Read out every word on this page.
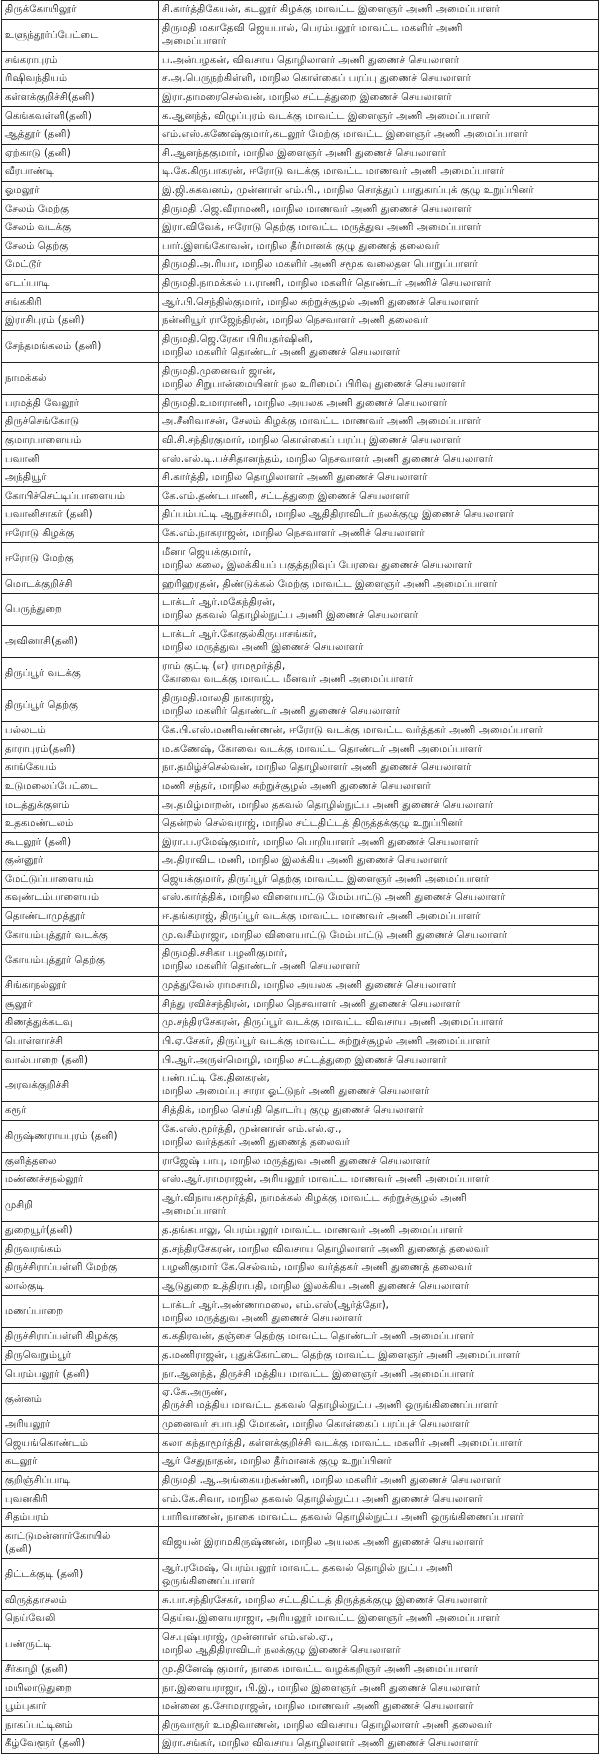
திருக்கோயிலூர்	சி.கார்த்திகேயன், கடலூர் கிழக்கு மாவட்ட இளைஞர் அணி அமைப்பாளர்
உளுந்தூர்ப்பேட்டை	திருமதி மகாதேவி ஜெயபால், பெரம்பலூர் மாவட்ட மகளிர் அணி
அமைப்பாளர்
சங்கராபுரம்	ப.அன்பழகன், விவசாய தொழிலாளர் அணி துணைச் செயலாளர்
ரிஷிவந்தியம்	ச.அ.பெருநற்கிள்ளி, மாநில கொள்கைப் பரப்பு துணைச் செயலாளர்
கள்ளக்குறிச்சி(தனி)	இரா.தாமரைசெல்வன், மாநில சட்டத்துறை இணைச் செயலாளர்
கெங்கவள்ளி(தனி)	க.ஆனந்த், விழுப்புரம் வடக்கு மாவட்ட இளைஞர் அணி அமைப்பாளர்
ஆத்தூர் (தனி)	எம்.எஸ்.கணேஷ்குமார்,கடலூர் மேற்கு மாவட்ட இளைஞர் அணி அமைப்பாளர்
ஏற்காடு (தனி)	சி.ஆனந்தகுமார், மாநில இளைஞர் அணி துணைச் செயலாளர்
வீரபாண்டி	டி.கே.கிருபாகரன், ஈரோடு வடக்கு மாவட்ட மாணவர் அணி அமைப்பாளர்
ஓமலூர்	இ.ஜி.சுகவனம், முன்னாள் எம்.பி., மாநில சொத்துப் பாதுகாப்புக் குழு உறுப்பினர்
சேலம் மேற்கு	திருமதி .ஜெ.வீராமணி, மாநில மாணவர் அணி துணைச் செயலாளர்
சேலம் வடக்கு	இரா.விவேக், ஈரோடு தெற்கு மாவட்ட மருத்துவ அணி அமைப்பாளர்
சேலம் தெற்கு	பார்.இளங்கோவன், மாநில தீர்மானக் குழு துணைத் தலைவர்
மேட்டூர்	திருமதி.அ.ரியா, மாநில மகளிர் அணி சமூக வலைதள பொறுப்பாளர்
எடப்பாடி	திருமதி.நாமக்கல் ப.ராணி, மாநில மகளிர் தொண்டர் அணிச் செயலாளர்
சங்ககிரி	ஆர்.பி.செந்தில்குமார், மாநில சுற்றுச்சூழல் அணி துணைச் செயலாளர்
இராசிபுரம் (தனி)	நன்னியூர் ராஜேந்திரன், மாநில நெசவாளர் அணி தலைவர்
சேந்தமங்கலம் (தனி)	திருமதி.ஜெ.ரேகா பிரியதர்ஷினி,
மாநில மகளிர் தொண்டர் அணி துணைச் செயலாளர்
நாமக்கல்	திருமதி.முனைவர் ஜான்,
மாநில சிறுபான்மையினர் நல உரிமைப் பிரிவு துணைச் செயலாளர்
பரமத்தி வேலூர்	திருமதி.உமாராணி, மாநில அயலக அணி துணைச் செயலாளர்
திருச்செங்கோடு	அ.சீனிவாசன், சேலம் கிழக்கு மாவட்ட மாணவர் அணி அமைப்பாளர்
குமாரபாளையம்	வி.சி.சந்திரகுமார், மாநில கொள்கைப் பரப்பு இணைச் செயலாளர்
பவானி	எஸ்.எல்.டி.பச்சிதானந்தம், மாநில நெசவாளர் அணி துணைச் செயலாளர்
அந்தியூர்	சி.கார்த்தி, மாநில தொழிலாளர் அணி துணைச் செயலாளர்
கோபிச்செட்டிப்பாளையம்	கே.எம்.தண்டபாணி, சட்டத்துறை இணைச் செயலாளர்
பவானிசாகர் (தனி)	திப்பம்பட்டி ஆறுச்சாமி, மாநில ஆதிதிராவிடர் நலக்குழு இணைச் செயலாளர்
ஈரோடு கிழக்கு	கே.எம்.நாகராஜன், மாநில நெசவாளர் அணிச் செயலாளர்
ஈரோடு மேற்கு	மீனா ஜெயக்குமார்,
மாநில கலை, இலக்கியப் பகுத்தறிவுப் பேரவை துணைச் செயலாளர்
மொடக்குறிச்சி	ஹரிஹரதன், திண்டுக்கல் மேற்கு மாவட்ட இளைஞர் அணி அமைப்பாளர்
பெருந்துறை	டாக்டர் ஆர்.மகேந்திரன்,
மாநில தகவல் தொழில்நுட்ப அணி இணைச் செயலாளர்
அவினாசி(தனி)	டாக்டர் ஆர்.கோகுல்கிருபாசங்கர்,
மாநில மருத்துவ அணி இணைச் செயலாளர்
திருப்பூர் வடக்கு	ராம் குட்டி (எ) ராமமூர்த்தி,
கோவை வடக்கு மாவட்ட மீனவர் அணி அமைப்பாளர்
திருப்பூர் தெற்கு	திருமதி.மாலதி நாகராஜ்,
மாநில மகளிர் தொண்டர் அணி துணைச் செயலாளர்
பல்லடம்	கே.பி.எஸ்.மணிவண்ணன், ஈரோடு வடக்கு மாவட்ட வர்த்தகர் அணி அமைப்பாளர்
தாராபுரம்(தனி)	ம.கணேஷ், கோவை வடக்கு மாவட்ட தொண்டர் அணி அமைப்பாளர்
காங்கேயம்	நா.தமிழ்ச்செல்வன், மாநில தொழிலாளர் அணி துணைச் செயலாளர்
உடுமலைப்பேட்டை	மணி சந்தர், மாநில சுற்றுச்சூழல் அணி துணைச் செயலாளர்
மடத்துக்குளம்	அ.தமிழ்மாறன், மாநில தகவல் தொழில்நுட்ப அணி துணைச் செயலாளர்
உதகமண்டலம்	தென்றல் செல்வராஜ், மாநில சட்டதிட்டத் திருத்தக்குழு உறுப்பினர்
கூடலூர் (தனி)	இரா.ப.ரமேஷ்குமார், மாநில பொறியாளர் அணி துணைச் செயலாளர்
குன்னூர்	அ.திராவிட மணி, மாநில இலக்கிய அணி துணைச் செயலாளர்
மேட்டுப்பாளையம்	ஜெயக்குமார், திருப்பூர் தெற்கு மாவட்ட இளைஞர் அணி அமைப்பாளர்
கவுண்டம்பாளையம்	எஸ்.கார்த்திக், மாநில விளையாட்டு மேம்பாட்டு அணி துணைச் செயலாளர்
தொண்டாமுத்தூர்	ஈ.தங்கராஜ், திருப்பூர் வடக்கு மாவட்ட மாணவர் அணி அமைப்பாளர்
கோயம்புத்தூர் வடக்கு	மு.வசீம்ராஜா, மாநில விளையாட்டு மேம்பாட்டு அணி துணைச் செயலாளர்
கோயம்புத்தூர் தெற்கு	திருமதி.சசிகா பழனிகுமார்,
மாநில மகளிர் தொண்டர் அணி செயலாளர்
சிங்காநல்லூர்	முத்துவேல் ராமசாமி, மாநில அயலக அணி துணைச் செயலாளர்
சூலூர்	சிந்து ரவிச்சந்திரன், மாநில நெசவாளர் அணி துணைச் செயலாளர்
கிணத்துக்கடவு	மு.சந்திரசேகரன், திருப்பூர் வடக்கு மாவட்ட விவசாய அணி அமைப்பாளர்
பொள்ளாச்சி	பி.ஏ.சேகர், திருப்பூர் வடக்கு மாவட்ட சுற்றுச்சூழல் அணி அமைப்பாளர்
வால்பாறை (தனி)	பி.ஆர்.அருள்மொழி, மாநில சட்டத்துறை இணைச் செயலாளர்
அரவக்குறிச்சி	பண்பட்டி கே.தினகரன்,
மாநில அமைப்பு சாரா ஓட்டுநர் அணி துணைச் செயலாளர்
கரூர்	சித்திக், மாநில செய்தி தொடர்பு குழு துணைச் செயலாளர்
கிருஷ்ணராயபுரம் (தனி)	கே.எஸ்.மூர்த்தி, முன்னாள் எம்.எல்.ஏ.,
மாநில வர்த்தகர் அணி துணைத் தலைவர்
குளித்தலை	ராஜேஷ் பாபு, மாநில மருத்துவ அணி துணைச் செயலாளர்
மண்ணச்சநல்லூர்	எஸ்.ஆர்.ராமராஜன், அரியலூர் மாவட்ட மாணவர் அணி அமைப்பாளர்
முசிறி	ஆர்.விநாயகமூர்த்தி, நாமக்கல் கிழக்கு மாவட்ட சுற்றுச்சூழல் அணி
அமைப்பாளர்
துறையூர்(தனி)	த.தங்கபாலு, பெரம்பலூர் மாவட்ட மாணவர் அணி அமைப்பாளர்
திருவரங்கம்	த.சந்திரசேகரன், மாநில விவசாய தொழிலாளர் அணி துணைத் தலைவர்
திருச்சிராப்பள்ளி மேற்கு	பழனிகுமார் கே.செல்வம், மாநில வர்த்தகர் அணி துணைத் தலைவர்
லால்குடி	ஆடுதுறை உத்திராபதி, மாநில இலக்கிய அணி துணைச் செயலாளர்
மணப்பாறை	டாக்டர் ஆர்.அண்ணாமலை, எம்.எஸ்(ஆர்த்தோ),
மாநில மருத்துவ அணி துணைச் செயலாளர்
திருச்சிராப்பள்ளி கிழக்கு	க.கதிரவன், தஞ்சை தெற்கு மாவட்ட தொண்டர் அணி அமைப்பாளர்
திருவெறும்பூர்	த.மணிராஜன், புதுக்கோட்டை தெற்கு மாவட்ட இளைஞர் அணி அமைப்பாளர்
பெரம்பலூர் (தனி)	நா.ஆனந்த், திருச்சி மத்திய மாவட்ட இளைஞர் அணி அமைப்பாளர்
குன்னம்	ஏ.கே.அருண்,
திருச்சி மத்திய மாவட்ட தகவல் தொழில்நுட்ப அணி ஒருங்கிணைப்பாளர்
அரியலூர்	முனைவர் சபாபதி மோகன், மாநில கொள்கைப் பரப்புச் செயலாளர்
ஜெயங்கொண்டம்	கலா கந்தாமூர்த்தி, கள்ளக்குறிச்சி வடக்கு மாவட்ட மகளிர் அணி அமைப்பாளர்
கடலூர்	ஆர் சேதுநாதன், மாநில தீர்மானக் குழு உறுப்பினர்
குறிஞ்சிப்பாடி	திருமதி .ஆ.அங்கையற்கண்ணி, மாநில மகளிர் அணி துணைச் செயலாளர்
புவனகிரி	எம்.கே.சிவா, மாநில தகவல் தொழில்நுட்ப அணி துணைச் செயலாளர்
சிதம்பரம்	பாரிவாணன், நாகை மாவட்ட தகவல் தொழில்நுட்ப அணி ஒருங்கிணைப்பாளர்
காட்டுமன்னார்கோயில்
(தனி)	விஜயன் இராமகிருஷ்ணன், மாநில அயலக அணி துணைச் செயலாளர்
திட்டக்குடி (தனி)	ஆர்.ரமேஷ், பெரம்பலூர் மாவட்ட தகவல் தொழில் நுட்ப அணி
ஒருங்கிணைப்பாளர்
விருத்தாசலம்	சு.பா.சந்திரசேகர், மாநில சட்டதிட்டத் திருத்தக்குழு இணைச் செயலாளர்
நெய்வேலி	தெய்வ.இளையராஜா, அரியலூர் மாவட்ட இளைஞர் அணி அமைப்பாளர்
பண்ருட்டி	செ.புஷ்பராஜ், முன்னாள் எம்.எல்.ஏ.,
மாநில ஆதிதிராவிடர் நலக்குழு இணைச் செயலாளர்
சீர்காழி (தனி)	மு.தினேஷ் குமார், நாகை மாவட்ட வழக்கறிஞர் அணி அமைப்பாளர்
மயிலாடுதுறை	நா.இளையராஜா, பி.இ., மாநில இளைஞர் அணி துணைச் செயலாளர்
பூம்புகார்	மன்னை த.சோமராஜன், மாநில மாணவர் அணி துணைச் செயலாளர்
நாகப்பட்டினம்	திருவாரூர் உமதிவாணன், மாநில விவசாய தொழிலாளர் அணி தலைவர்
கீழ்வேளூர் (தனி)	இரா.சங்கர், மாநில விவசாய தொழிலாளர் அணி துணைச் செயலாளர்
